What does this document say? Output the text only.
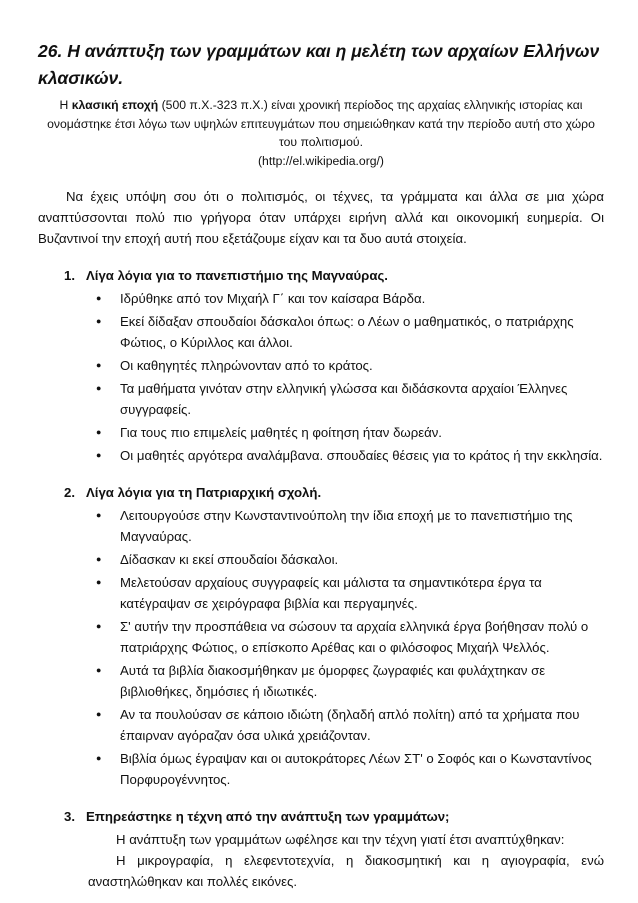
26. Η ανάπτυξη των γραμμάτων και η μελέτη των αρχαίων Ελλήνων κλασικών.
Η κλασική εποχή (500 π.Χ.-323 π.Χ.) είναι χρονική περίοδος της αρχαίας ελληνικής ιστορίας και ονομάστηκε έτσι λόγω των υψηλών επιτευγμάτων που σημειώθηκαν κατά την περίοδο αυτή στο χώρο του πολιτισμού.
(http://el.wikipedia.org/)
Να έχεις υπόψη σου ότι ο πολιτισμός, οι τέχνες, τα γράμματα και άλλα σε μια χώρα αναπτύσσονται πολύ πιο γρήγορα όταν υπάρχει ειρήνη αλλά και οικονομική ευημερία. Οι Βυζαντινοί την εποχή αυτή που εξετάζουμε είχαν και τα δυο αυτά στοιχεία.
1. Λίγα λόγια για το πανεπιστήμιο της Μαγναύρας.
● Ιδρύθηκε από τον Μιχαήλ Γ΄ και τον καίσαρα Βάρδα.
● Εκεί δίδαξαν σπουδαίοι δάσκαλοι όπως: ο Λέων ο μαθηματικός, ο πατριάρχης Φώτιος, ο Κύριλλος και άλλοι.
● Οι καθηγητές πληρώνονταν από το κράτος.
● Τα μαθήματα γινόταν στην ελληνική γλώσσα και διδάσκοντα αρχαίοι Έλληνες συγγραφείς.
● Για τους πιο επιμελείς μαθητές η φοίτηση ήταν δωρεάν.
● Οι μαθητές αργότερα αναλάμβανα. σπουδαίες θέσεις για το κράτος ή την εκκλησία.
2. Λίγα λόγια για τη Πατριαρχική σχολή.
● Λειτουργούσε στην Κωνσταντινούπολη την ίδια εποχή με το πανεπιστήμιο της Μαγναύρας.
● Δίδασκαν κι εκεί σπουδαίοι δάσκαλοι.
● Μελετούσαν αρχαίους συγγραφείς και μάλιστα τα σημαντικότερα έργα τα κατέγραψαν σε χειρόγραφα βιβλία και περγαμηνές.
● Σ' αυτήν την προσπάθεια να σώσουν τα αρχαία ελληνικά έργα βοήθησαν πολύ ο πατριάρχης Φώτιος, ο επίσκοπο Αρέθας και ο φιλόσοφος Μιχαήλ Ψελλός.
● Αυτά τα βιβλία διακοσμήθηκαν με όμορφες ζωγραφιές και φυλάχτηκαν σε βιβλιοθήκες, δημόσιες ή ιδιωτικές.
● Αν τα πουλούσαν σε κάποιο ιδιώτη (δηλαδή απλό πολίτη) από τα χρήματα που έπαιρναν αγόραζαν όσα υλικά χρειάζονταν.
● Βιβλία όμως έγραψαν και οι αυτοκράτορες Λέων ΣΤ' ο Σοφός και ο Κωνσταντίνος Πορφυρογέννητος.
3. Επηρεάστηκε η τέχνη από την ανάπτυξη των γραμμάτων;

Η ανάπτυξη των γραμμάτων ωφέλησε και την τέχνη γιατί έτσι αναπτύχθηκαν:

Η μικρογραφία, η ελεφεντοτεχνία, η διακοσμητική και η αγιογραφία, ενώ αναστηλώθηκαν και πολλές εικόνες.
